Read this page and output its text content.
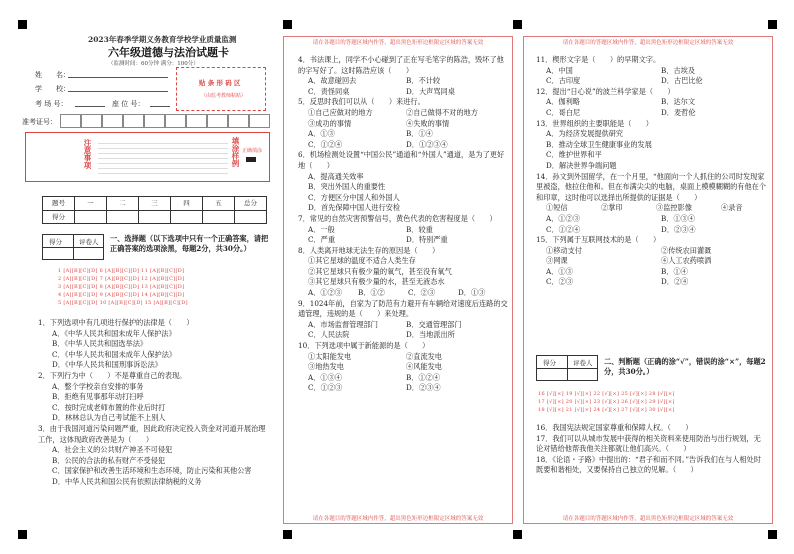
2023年春季学期义务教育学校学业质量监测
六年级道德与法治试题卡
（监测时间：60分钟 满分：100分）
姓　　名：
学　　校：
考 场 号：	座 位 号：
贴 条 形 码 区
（由监考教师粘贴）
准考证号：
注意事项	填涂样例 正确填涂
题号	一	二	三	四	五	总分
得分
得分	评卷人 一、选择题（以下选项中只有一个正确答案，请把正确答案的选项涂黑，每题2分，共30分。）
1 [A][B][C][D] 6 [A][B][C][D] 11 [A][B][C][D]
2 [A][B][C][D] 7 [A][B][C][D] 12 [A][B][C][D]
3 [A][B][C][D] 8 [A][B][C][D] 13 [A][B][C][D]
4 [A][B][C][D] 9 [A][B][C][D] 14 [A][B][C][D]
5 [A][B][C][D] 10 [A][B][C][D] 15 [A][B][C][D]
1．下列选项中有几项进行保护的法律是（　　）
A．《中华人民共和国未成年人保护法》
B．《中华人民共和国选举法》
C．《中华人民共和国未成年人保护法》
D．《中华人民共和国刑事诉讼法》
2．下列行为中（　　）不是尊重自己的表现。
A．整个学校亲自安排的事务
B．拒绝有见事那年动打扫呼
C．按时完成老师布置的作业后时打
D．林林总认为自己考试能不上别人
3．由于我国河道污染问题严重，因此政府决定投入资金对河道开展治理工作，这体现政府改善是为（　　）
A．社会主义的公共财产神圣不可侵犯
B．公民的合法的私有财产不受侵犯
C．国家保护和改善生活环境和生态环境，防止污染和其他公害
D．中华人民共和国公民有依照法律纳税的义务
请在各题目的答题区域内作答，超出黑色矩形边框限定区域的答案无效
请在各题目的答题区域内作答，超出黑色矩形边框限定区域的答案无效
4．书法课上，同学不小心碰到了正在写毛笔字的陈浩，毁坏了他的字写好了。这时陈浩应该（　　）
A．故意碰回去	B．不计较
C．责怪同桌	D．大声骂同桌
5．反思时我们可以从（　　）来进行。
①自己应做对的地方	②自己做得不对的地方
③成功的事情	④失败的事情
A．①③	B．①④
C．①②④	D．①②③④
6．机场检测处设置“中国公民”通道和“外国人”通道，是为了更好地（　　）
A．提高通关效率
B．突出外国人的重要性
C．方便区分中国人和外国人
D．首先保障中国人进行安检
7．常见的自然灾害预警信号，黄色代表的危害程度是（　　）
A．一般	B．较重
C．严重	D．特别严重
8．人类离开地球无法生存的原因是（　　）
①其它星球的温度不适合人类生存
②其它星球只有极少量的氧气，甚至没有氧气
③其它星球只有极少量的水，甚至无液态水
A．①②③	B．①②	C．②③	D．①③
9．1024年前，自家为了防范有力避开有车辆给对速度后连路的交通管理，违规的是（　　）来处理。
A．市场监督管理部门	B．交通管理部门
C．人民法院	D．当地派出所
10．下列选项中属于新能源的是（　　）
①太阳能发电	②直流发电
③地热发电	④风能发电
A．①③④	B．①②④
C．①②③	D．②③④
请在各题目的答题区域内作答，超出黑色矩形边框限定区域的答案无效
请在各题目的答题区域内作答，超出黑色矩形边框限定区域的答案无效
11．楔形文字是（　　）的早期文字。
A．中国	B．古埃及
C．古印度	D．古巴比伦
12．提出“日心说”的波兰科学家是（　　）
A．伽利略	B．达尔文
C．哥白尼	D．麦哲伦
13．世界组织的主要职能是（　　）
A．为经济发展提供研究
B．推动全球卫生健康事业的发展
C．维护世界和平
D．解决世界争端问题
14．孙文到外国留学，在一个月里，“他面向一个人抓住的公司时发现家里被盗，他拉住他和。但在布满尖尖的电脑，桌面上模模糊糊的有他在个和印章，这时他可以选择出所提供的证据是（　　）
①短信	②掌印	③监控影像	④录音
A．①②③	B．①③④
C．①②④	D．②③④
15．下列属于互联网技术的是（　　）
①移动支付	②传统农田灌溉
③网课	④人工农药喷洒
A．①③	B．①④
C．②③	D．②④
得分	评卷人 二、判断题（正确的涂“√”，错误的涂“×”，每题2分，共30分。）
16 [√][×] 19 [√][×] 22 [√][×] 25 [√][×] 28 [√][×]
17 [√][×] 20 [√][×] 23 [√][×] 26 [√][×] 29 [√][×]
18 [√][×] 21 [√][×] 24 [√][×] 27 [√][×] 30 [√][×]
16．我国宪法规定国家尊重和保障人权。（　　）
17．我们可以从城市发展中获得的相关资料来使用防治与出行规划，无论对错给他帮我他关注都就让他们高兴。（　　）
18．《论语・子路》中提出的：“君子和而不同。”告诉我们在与人相处时既要和谐相处，又要保持自己独立的见解。（　　）
